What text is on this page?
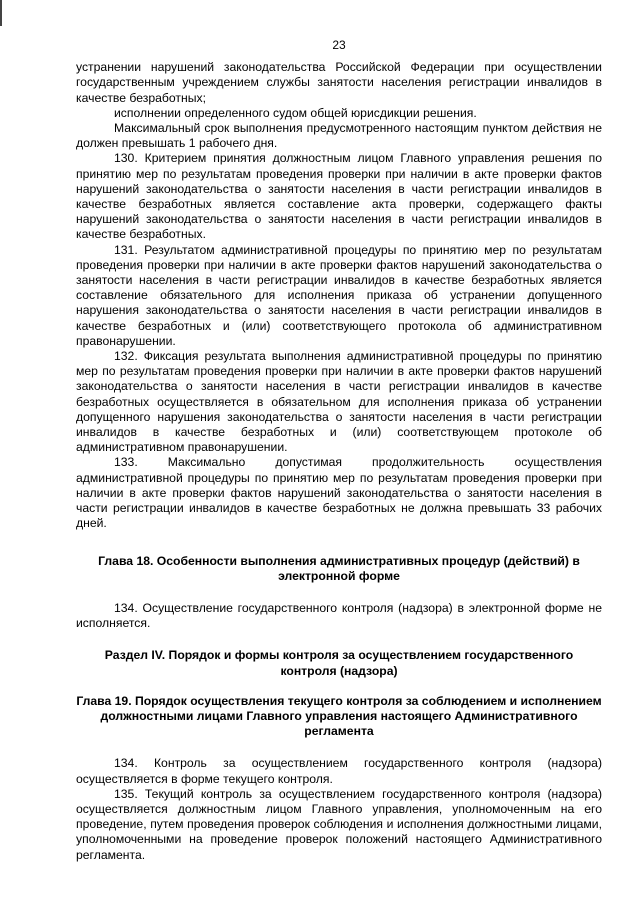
23

устранении нарушений законодательства Российской Федерации при осуществлении государственным учреждением службы занятости населения регистрации инвалидов в качестве безработных;

исполнении определенного судом общей юрисдикции решения.

Максимальный срок выполнения предусмотренного настоящим пунктом действия не должен превышать 1 рабочего дня.

130. Критерием принятия должностным лицом Главного управления решения по принятию мер по результатам проведения проверки при наличии в акте проверки фактов нарушений законодательства о занятости населения в части регистрации инвалидов в качестве безработных является составление акта проверки, содержащего факты нарушений законодательства о занятости населения в части регистрации инвалидов в качестве безработных.

131. Результатом административной процедуры по принятию мер по результатам проведения проверки при наличии в акте проверки фактов нарушений законодательства о занятости населения в части регистрации инвалидов в качестве безработных является составление обязательного для исполнения приказа об устранении допущенного нарушения законодательства о занятости населения в части регистрации инвалидов в качестве безработных и (или) соответствующего протокола об административном правонарушении.

132. Фиксация результата выполнения административной процедуры по принятию мер по результатам проведения проверки при наличии в акте проверки фактов нарушений законодательства о занятости населения в части регистрации инвалидов в качестве безработных осуществляется в обязательном для исполнения приказа об устранении допущенного нарушения законодательства о занятости населения в части регистрации инвалидов в качестве безработных и (или) соответствующем протоколе об административном правонарушении.

133. Максимально допустимая продолжительность осуществления административной процедуры по принятию мер по результатам проведения проверки при наличии в акте проверки фактов нарушений законодательства о занятости населения в части регистрации инвалидов в качестве безработных не должна превышать 33 рабочих дней.

Глава 18. Особенности выполнения административных процедур (действий) в электронной форме

134. Осуществление государственного контроля (надзора) в электронной форме не исполняется.

Раздел IV. Порядок и формы контроля за осуществлением государственного контроля (надзора)

Глава 19. Порядок осуществления текущего контроля за соблюдением и исполнением должностными лицами Главного управления настоящего Административного регламента

134. Контроль за осуществлением государственного контроля (надзора) осуществляется в форме текущего контроля.

135. Текущий контроль за осуществлением государственного контроля (надзора) осуществляется должностным лицом Главного управления, уполномоченным на его проведение, путем проведения проверок соблюдения и исполнения должностными лицами, уполномоченными на проведение проверок положений настоящего Административного регламента.
